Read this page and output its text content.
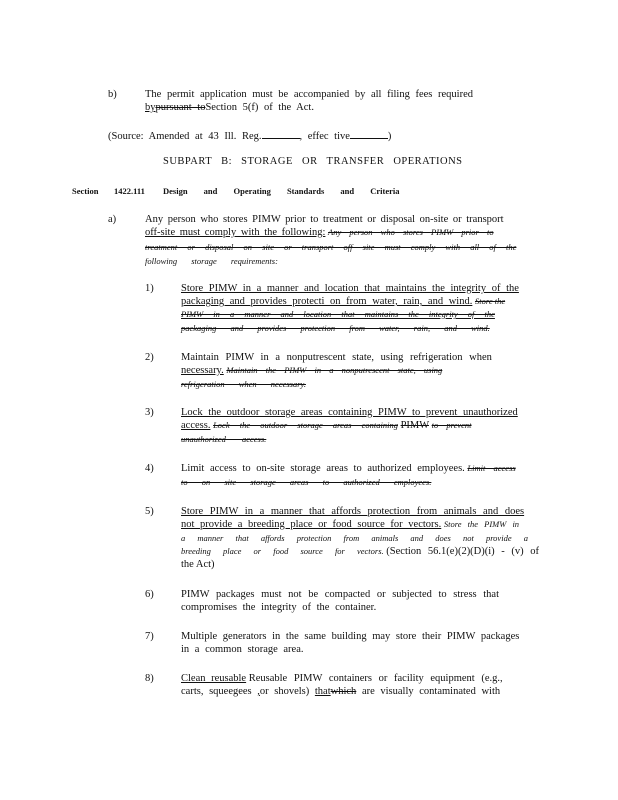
b)	The permit application must be accompanied by all filing fees required
bypursuant toSection 5(f) of the Act.
(Source: Amended at 43 Ill. Reg.	, effec tive	)
SUBPART B: STORAGE OR TRANSFER OPERATIONS
Section 1422.111 Design and Operating Standards and Criteria
a)	Any person who stores PIMW prior to treatment or disposal on-site or transport
off-site must comply with the following: Any person who stores PIMW prior to
treatment or disposal on site or transport off site must comply with all of the
following storage requirements:
1)	Store PIMW in a manner and location that maintains the integrity of the
packaging and provides protecti on from water, rain, and wind. Store the
PIMW in a manner and location that maintains the integrity of the
packaging and provides protection from water, rain, and wind.
2)	Maintain PIMW in a nonputrescent state, using refrigeration when
necessary. Maintain the PIMW in a nonputrescent state, using
refrigeration when necessary.
3)	Lock the outdoor storage areas containing PIMW to prevent unauthorized
access. Lock the outdoor storage areas containing PIMW to prevent
unauthorized access.
4)	Limit access to on-site storage areas to authorized employees. Limit access
to on site storage areas to authorized employees.
5)	Store PIMW in a manner that affords protection from animals and does
not provide a breeding place or food source for vectors. Store the PIMW in
a manner that affords protection from animals and does not provide a
breeding place or food source for vectors. (Section 56.1(e)(2)(D)(i) - (v) of
the Act)
6)	PIMW packages must not be compacted or subjected to stress that
compromises the integrity of the container.
7)	Multiple generators in the same building may store their PIMW packages
in a common storage area.
8)	Clean reusable Reusable PIMW containers or facility equipment (e.g.,
carts, squeegees ,or shovels) thatwhich are visually contaminated with
